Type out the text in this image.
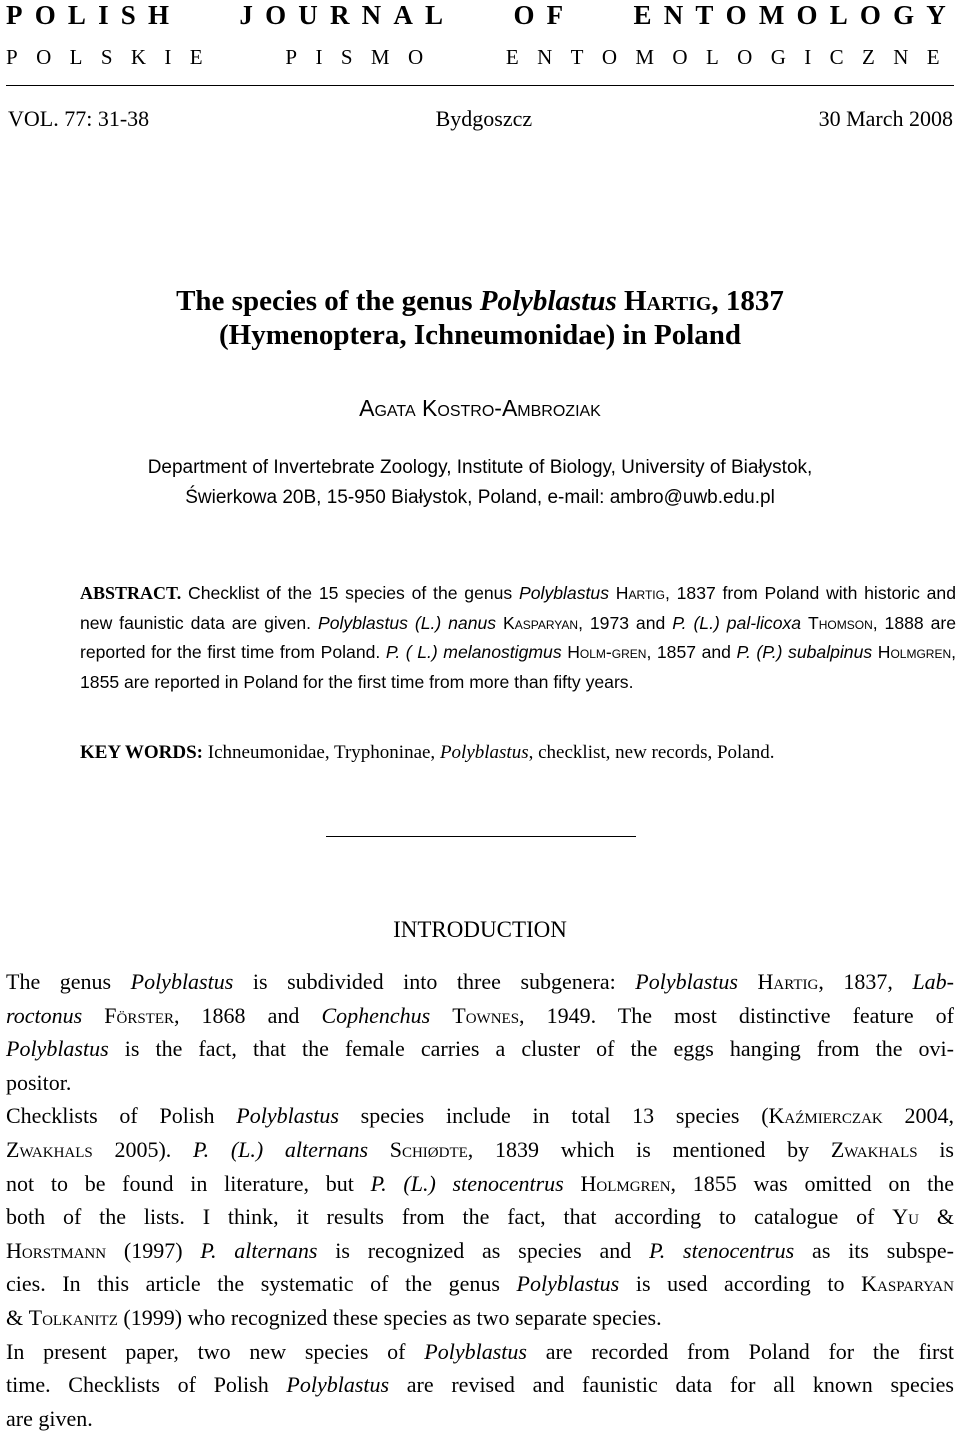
P O L I S H	J O U R N A L	O F	E N T O M O L O G Y
P O L S K I E	P I S M O	E N T O M O L O G I C Z N E
VOL. 77: 31-38	Bydgoszcz	30 March 2008
The species of the genus Polyblastus Hartig, 1837
(Hymenoptera, Ichneumonidae) in Poland
Agata Kostro-Ambroziak
Department of Invertebrate Zoology, Institute of Biology, University of Białystok,
Świerkowa 20B, 15-950 Białystok, Poland, e-mail: ambro@uwb.edu.pl
ABSTRACT. Checklist of the 15 species of the genus Polyblastus Hartig, 1837 from Poland with historic and new faunistic data are given. Polyblastus (L.) nanus Kasparyan, 1973 and P. (L.) pal-licoxa Thomson, 1888 are reported for the first time from Poland. P. ( L.) melanostigmus Holm-gren, 1857 and P. (P.) subalpinus Holmgren, 1855 are reported in Poland for the first time from more than fifty years.
KEY WORDS: Ichneumonidae, Tryphoninae, Polyblastus, checklist, new records, Poland.
INTRODUCTION

The genus Polyblastus is subdivided into three subgenera: Polyblastus Hartig, 1837, Lab-
roctonus Förster, 1868 and Cophenchus Townes, 1949. The most distinctive feature of
Polyblastus is the fact, that the female carries a cluster of the eggs hanging from the ovi-
positor.

Checklists of Polish Polyblastus species include in total 13 species (Kaźmierczak 2004,
Zwakhals 2005). P. (L.) alternans Schiødte, 1839 which is mentioned by Zwakhals is
not to be found in literature, but P. (L.) stenocentrus Holmgren, 1855 was omitted on the
both of the lists. I think, it results from the fact, that according to catalogue of Yu &
Horstmann (1997) P. alternans is recognized as species and P. stenocentrus as its subspe-
cies. In this article the systematic of the genus Polyblastus is used according to Kasparyan
& Tolkanitz (1999) who recognized these species as two separate species.

In present paper, two new species of Polyblastus are recorded from Poland for the first
time. Checklists of Polish Polyblastus are revised and faunistic data for all known species
are given.
